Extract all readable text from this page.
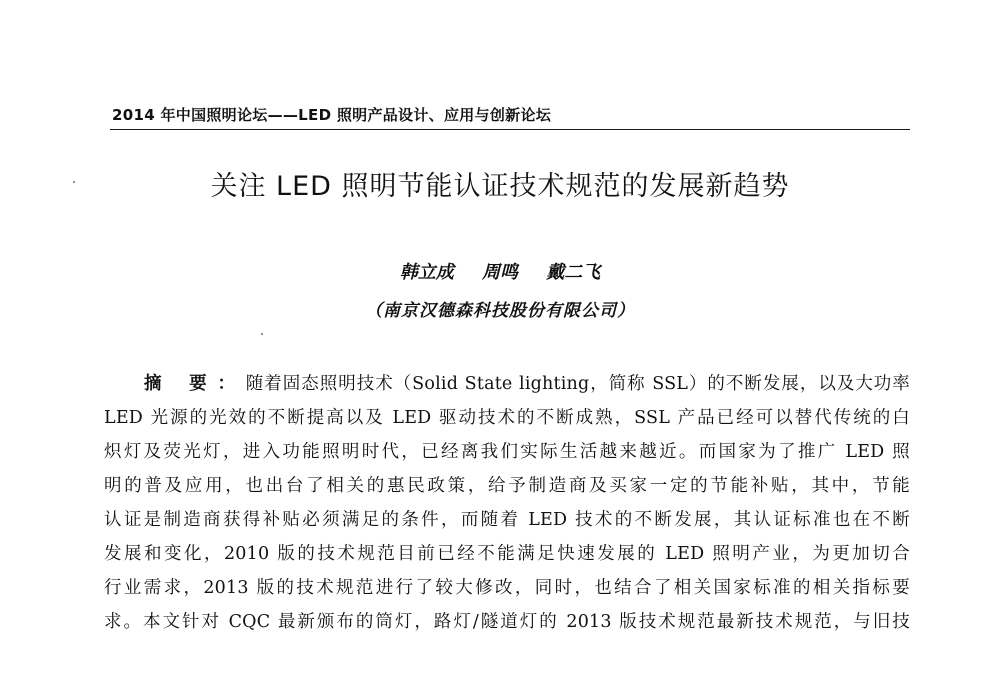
2014 年中国照明论坛——LED 照明产品设计、应用与创新论坛
关注 LED 照明节能认证技术规范的发展新趋势
韩立成 周鸣 戴二飞
（南京汉德森科技股份有限公司）
摘 要：随着固态照明技术（Solid State lighting，简称 SSL）的不断发展，以及大功率
LED 光源的光效的不断提高以及 LED 驱动技术的不断成熟，SSL 产品已经可以替代传统的白
炽灯及荧光灯，进入功能照明时代，已经离我们实际生活越来越近。而国家为了推广 LED 照
明的普及应用，也出台了相关的惠民政策，给予制造商及买家一定的节能补贴，其中，节能
认证是制造商获得补贴必须满足的条件，而随着 LED 技术的不断发展，其认证标准也在不断
发展和变化，2010 版的技术规范目前已经不能满足快速发展的 LED 照明产业，为更加切合
行业需求，2013 版的技术规范进行了较大修改，同时，也结合了相关国家标准的相关指标要
求。本文针对 CQC 最新颁布的筒灯，路灯/隧道灯的 2013 版技术规范最新技术规范，与旧技
